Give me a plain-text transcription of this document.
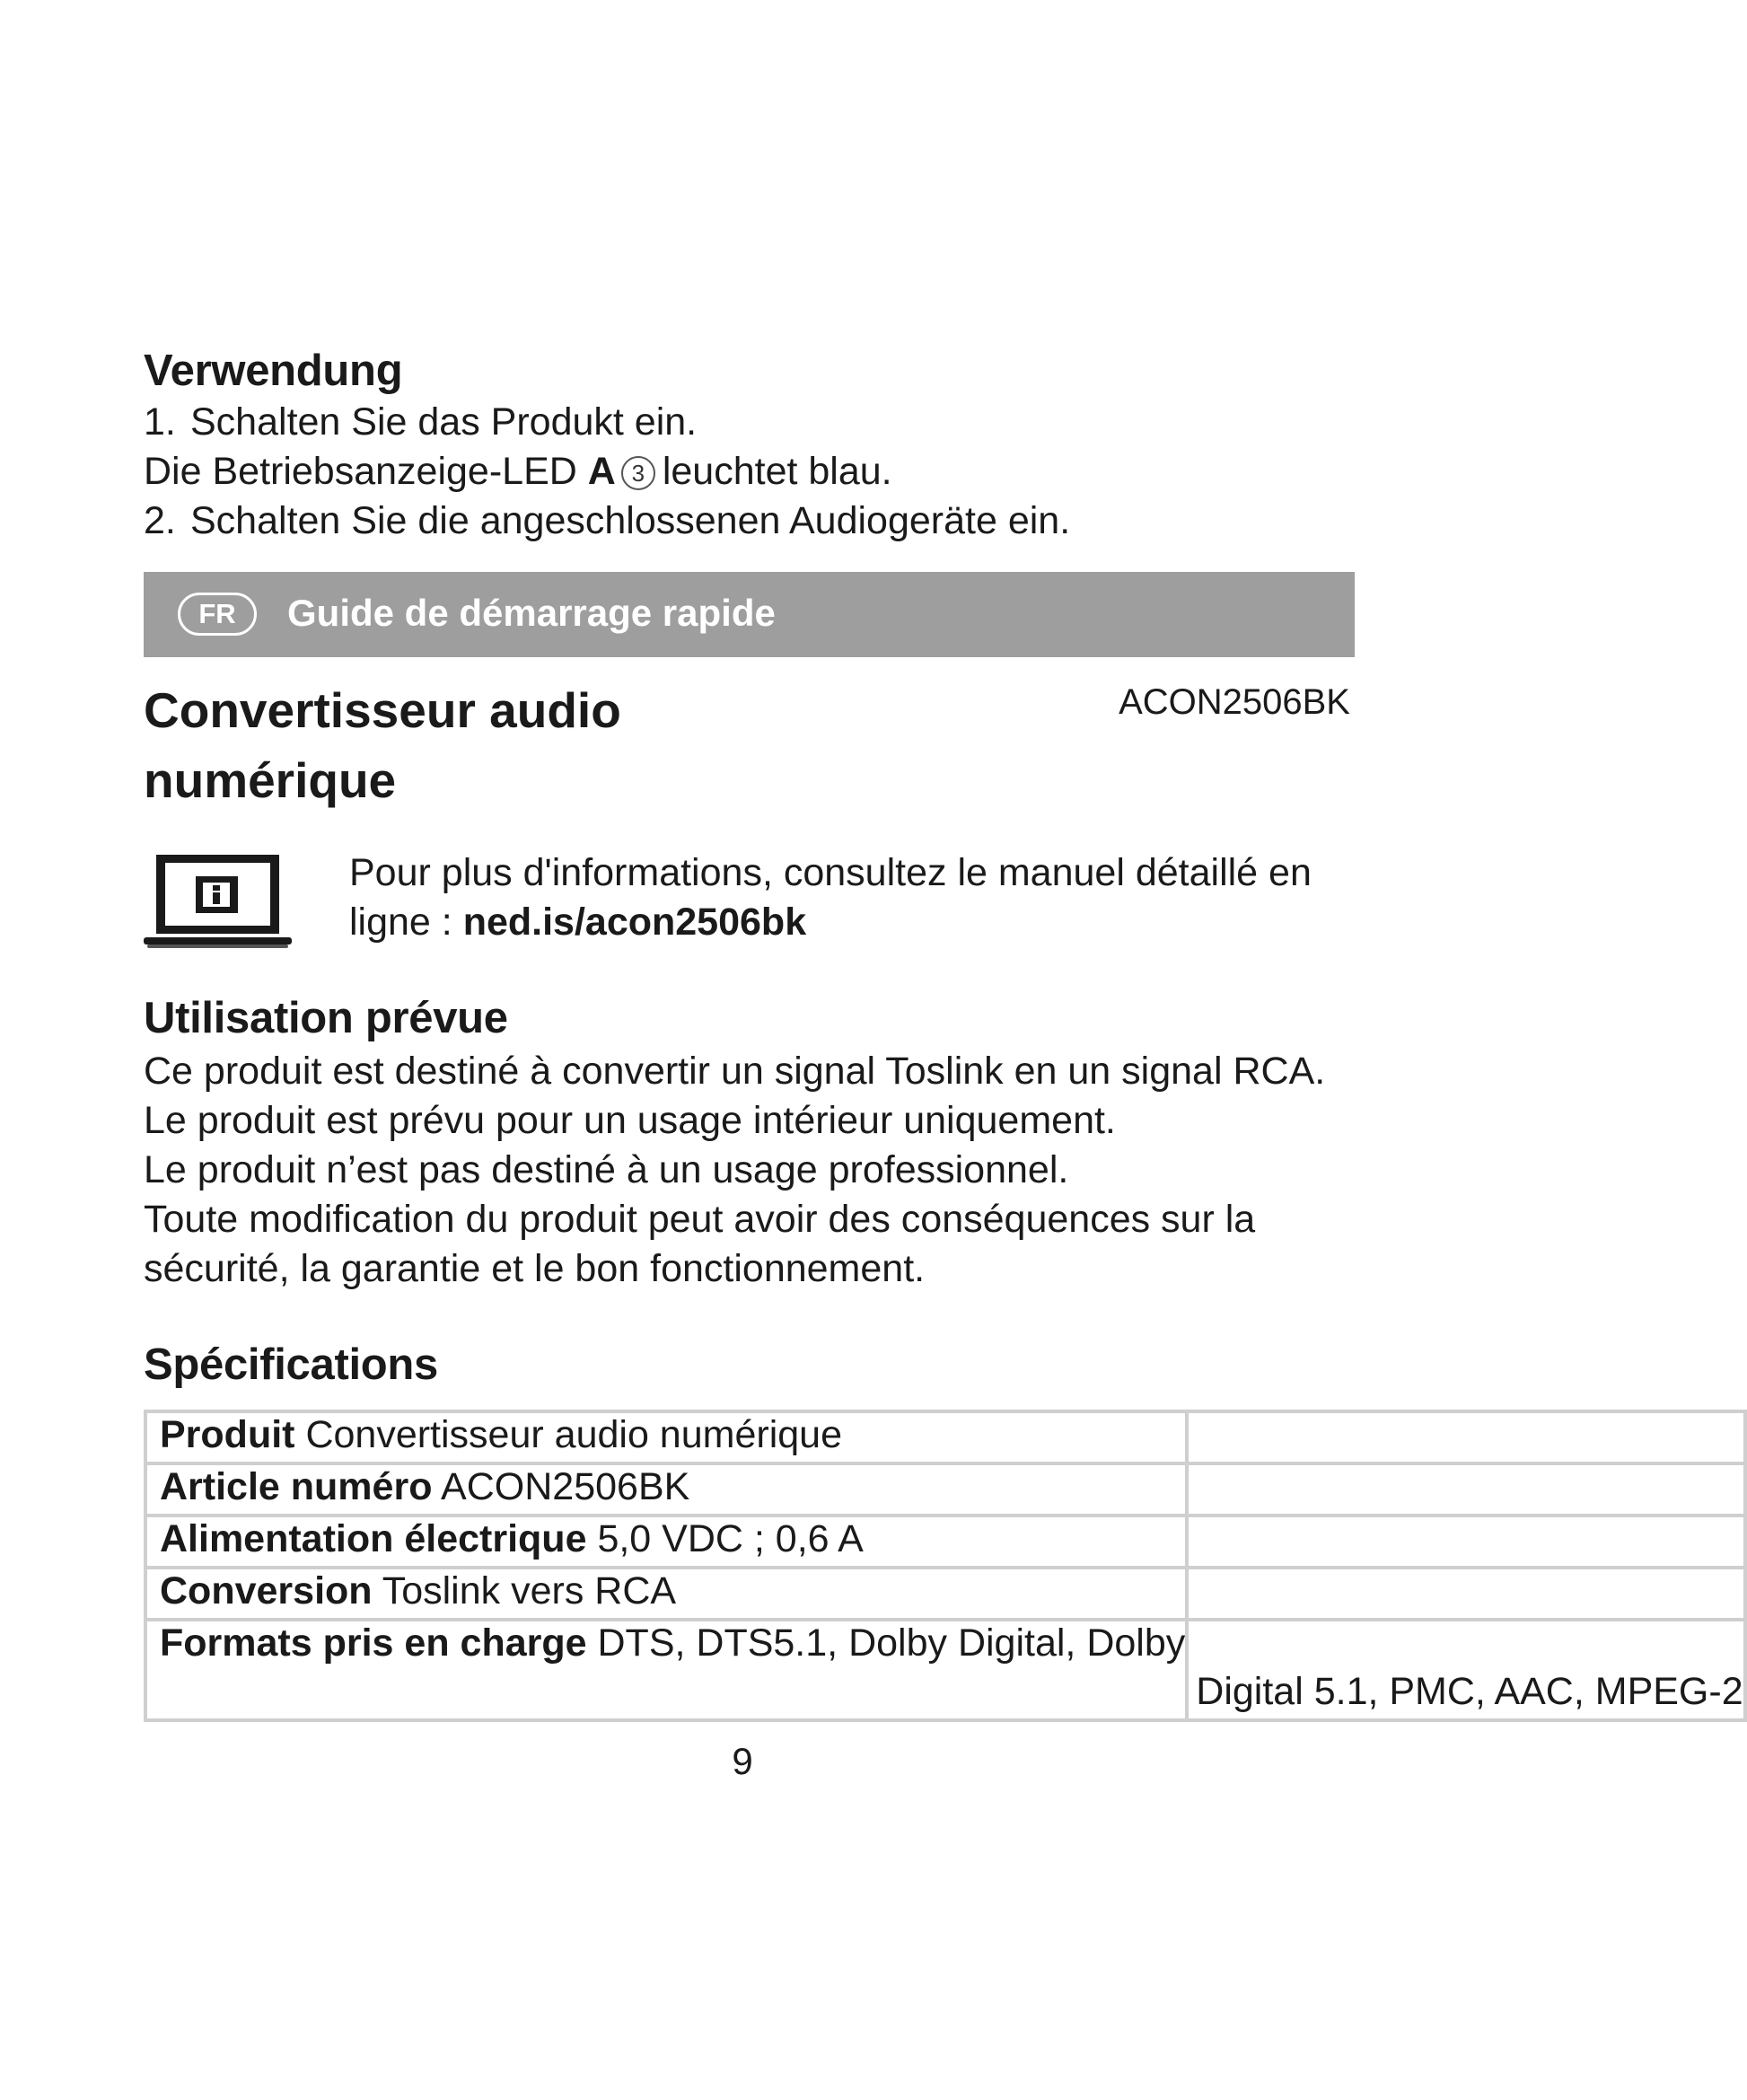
Verwendung

1. Schalten Sie das Produkt ein.

Die Betriebsanzeige-LED A 3 leuchtet blau.

2. Schalten Sie die angeschlossenen Audiogeräte ein.

FR	Guide de démarrage rapide
Convertisseur audio
numérique
ACON2506BK

Pour plus d'informations, consultez le manuel détaillé en ligne : ned.is/acon2506bk

Utilisation prévue
Ce produit est destiné à convertir un signal Toslink en un signal RCA.
Le produit est prévu pour un usage intérieur uniquement.
Le produit n’est pas destiné à un usage professionnel.
Toute modification du produit peut avoir des conséquences sur la
sécurité, la garantie et le bon fonctionnement.
Spécifications
Produit Convertisseur audio numérique	
Article numéro ACON2506BK	
Alimentation électrique 5,0 VDC ; 0,6 A	
Conversion Toslink vers RCA	
Formats pris en charge DTS, DTS5.1, Dolby Digital, Dolby	Digital 5.1, PMC, AAC, MPEG-2
9
